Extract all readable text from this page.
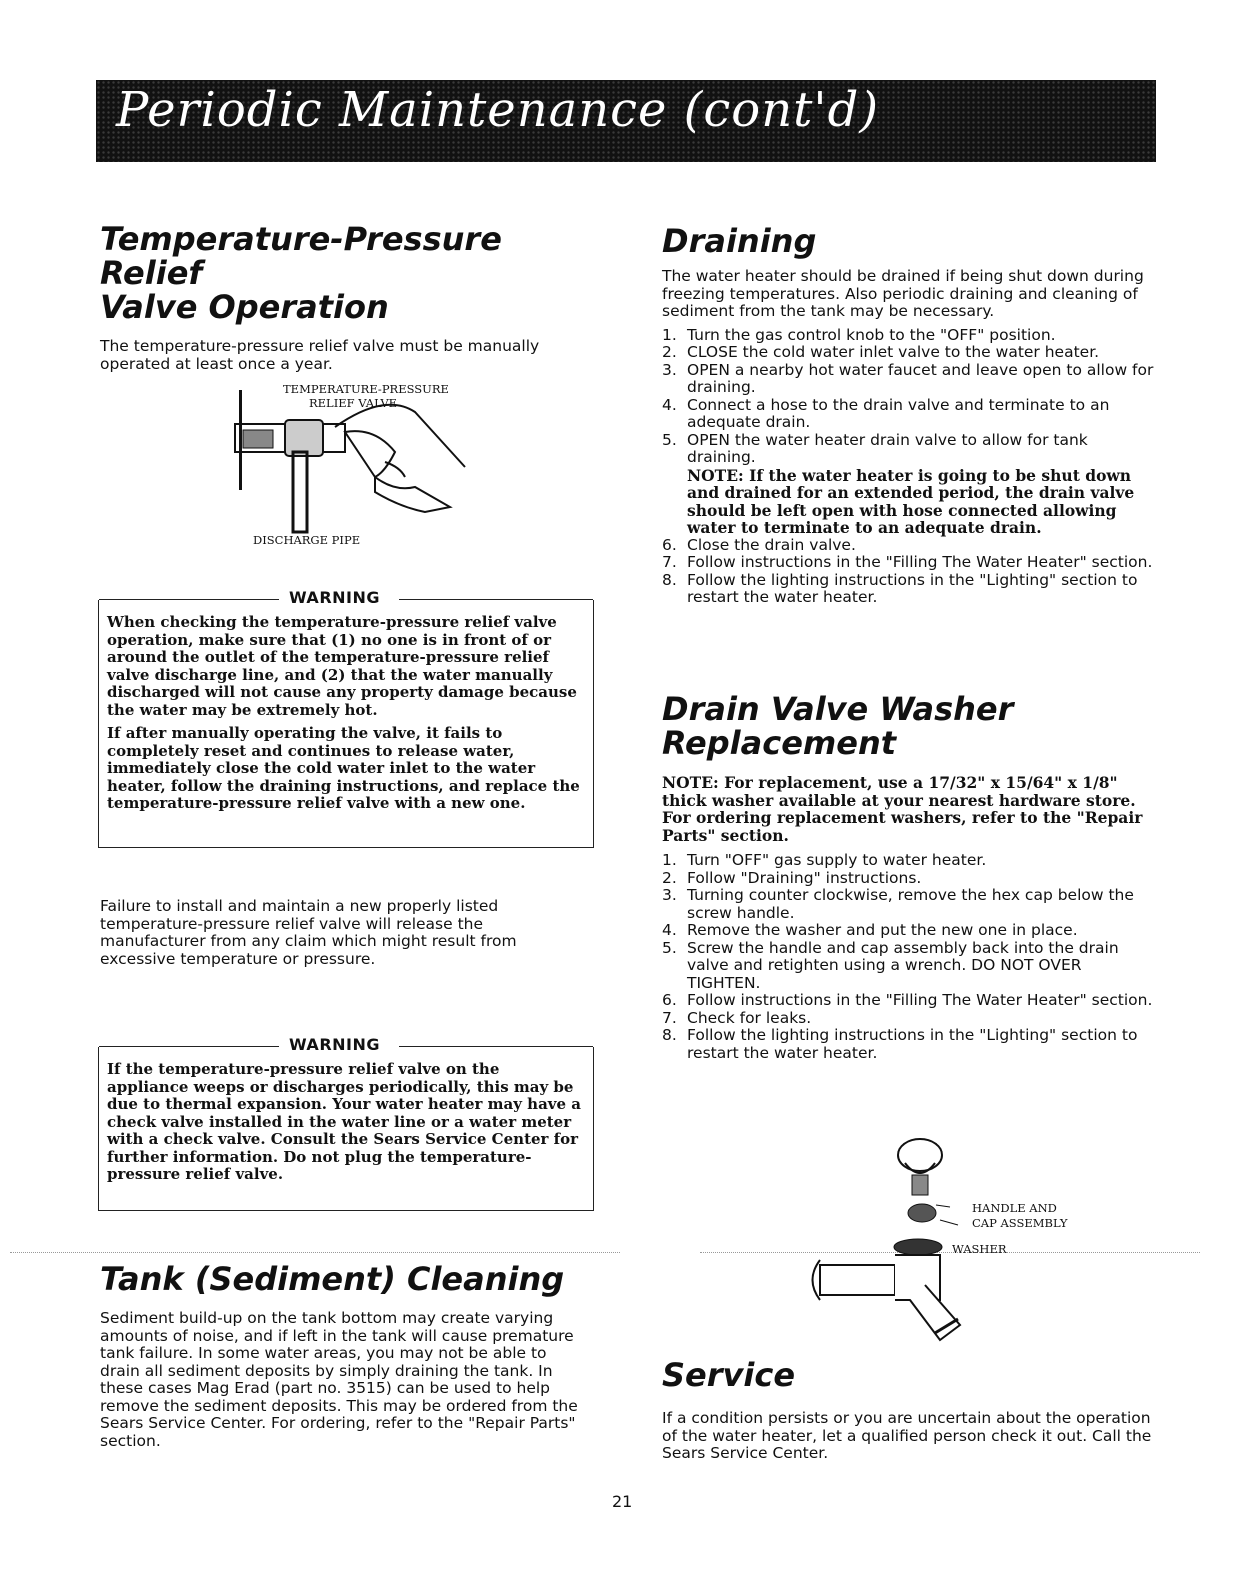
Periodic Maintenance (cont'd)
Temperature-Pressure Relief
Valve Operation

The temperature-pressure relief valve must be manually operated at least once a year.

TEMPERATURE-PRESSURE
RELIEF VALVE
DISCHARGE PIPE
WARNING

When checking the temperature-pressure relief valve operation, make sure that (1) no one is in front of or around the outlet of the temperature-pressure relief valve discharge line, and (2) that the water manually discharged will not cause any property damage because the water may be extremely hot.

If after manually operating the valve, it fails to completely reset and continues to release water, immediately close the cold water inlet to the water heater, follow the draining instructions, and replace the temperature-pressure relief valve with a new one.

Failure to install and maintain a new properly listed temperature-pressure relief valve will release the manufacturer from any claim which might result from excessive temperature or pressure.

WARNING

If the temperature-pressure relief valve on the appliance weeps or discharges periodically, this may be due to thermal expansion. Your water heater may have a check valve installed in the water line or a water meter with a check valve. Consult the Sears Service Center for further information. Do not plug the temperature-pressure relief valve.

Tank (Sediment) Cleaning

Sediment build-up on the tank bottom may create varying amounts of noise, and if left in the tank will cause premature tank failure. In some water areas, you may not be able to drain all sediment deposits by simply draining the tank. In these cases Mag Erad (part no. 3515) can be used to help remove the sediment deposits. This may be ordered from the Sears Service Center. For ordering, refer to the "Repair Parts" section.

Draining

The water heater should be drained if being shut down during freezing temperatures. Also periodic draining and cleaning of sediment from the tank may be necessary.

1. Turn the gas control knob to the "OFF" position.
2. CLOSE the cold water inlet valve to the water heater.
3. OPEN a nearby hot water faucet and leave open to allow for draining.
4. Connect a hose to the drain valve and terminate to an adequate drain.
5. OPEN the water heater drain valve to allow for tank draining.
NOTE: If the water heater is going to be shut down and drained for an extended period, the drain valve should be left open with hose connected allowing water to terminate to an adequate drain.
6. Close the drain valve.
7. Follow instructions in the "Filling The Water Heater" section.
8. Follow the lighting instructions in the "Lighting" section to restart the water heater.
Drain Valve Washer
Replacement
NOTE: For replacement, use a 17/32" x 15/64" x 1/8" thick washer available at your nearest hardware store. For ordering replacement washers, refer to the "Repair Parts" section.
1. Turn "OFF" gas supply to water heater.
2. Follow "Draining" instructions.
3. Turning counter clockwise, remove the hex cap below the screw handle.
4. Remove the washer and put the new one in place.
5. Screw the handle and cap assembly back into the drain valve and retighten using a wrench. DO NOT OVER TIGHTEN.
6. Follow instructions in the "Filling The Water Heater" section.
7. Check for leaks.
8. Follow the lighting instructions in the "Lighting" section to restart the water heater.
HANDLE AND
CAP ASSEMBLY
WASHER
Service

If a condition persists or you are uncertain about the operation of the water heater, let a qualified person check it out. Call the Sears Service Center.

21
